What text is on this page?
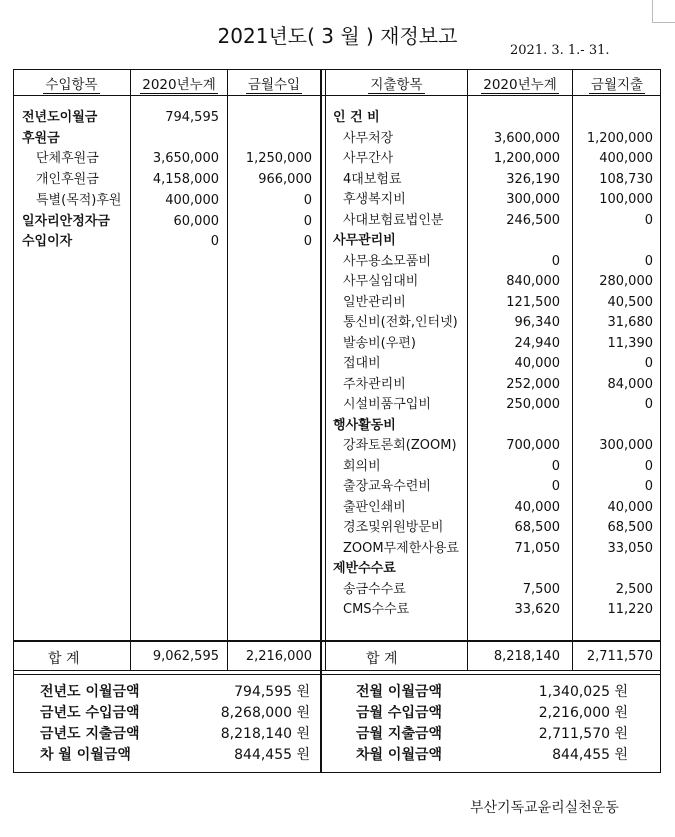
2021년도( 3 월 ) 재정보고
2021. 3. 1.- 31.
수입항목	2020년누계	금월수입	지출항목	2020년누계	금월지출
전년도이월금	794,595
후원금
단체후원금	3,650,000	1,250,000
개인후원금	4,158,000	966,000
특별(목적)후원	400,000	0
일자리안정자금	60,000	0
수입이자	0	0
인 건 비
사무처장	3,600,000	1,200,000
사무간사	1,200,000	400,000
4대보험료	326,190	108,730
후생복지비	300,000	100,000
사대보험료법인분	246,500	0
사무관리비
사무용소모품비	0	0
사무실임대비	840,000	280,000
일반관리비	121,500	40,500
통신비(전화,인터넷)	96,340	31,680
발송비(우편)	24,940	11,390
접대비	40,000	0
주차관리비	252,000	84,000
시설비품구입비	250,000	0
행사활동비
강좌토론회(ZOOM)	700,000	300,000
회의비	0	0
출장교육수련비	0	0
출판인쇄비	40,000	40,000
경조및위원방문비	68,500	68,500
ZOOM무제한사용료	71,050	33,050
제반수수료
송금수수료	7,500	2,500
CMS수수료	33,620	11,220
합 계	9,062,595	2,216,000	합 계	8,218,140	2,711,570
전년도 이월금액	794,595 원
금년도 수입금액	8,268,000 원
금년도 지출금액	8,218,140 원
차 월 이월금액	844,455 원
전월 이월금액	1,340,025 원
금월 수입금액	2,216,000 원
금월 지출금액	2,711,570 원
차월 이월금액	844,455 원
부산기독교윤리실천운동
